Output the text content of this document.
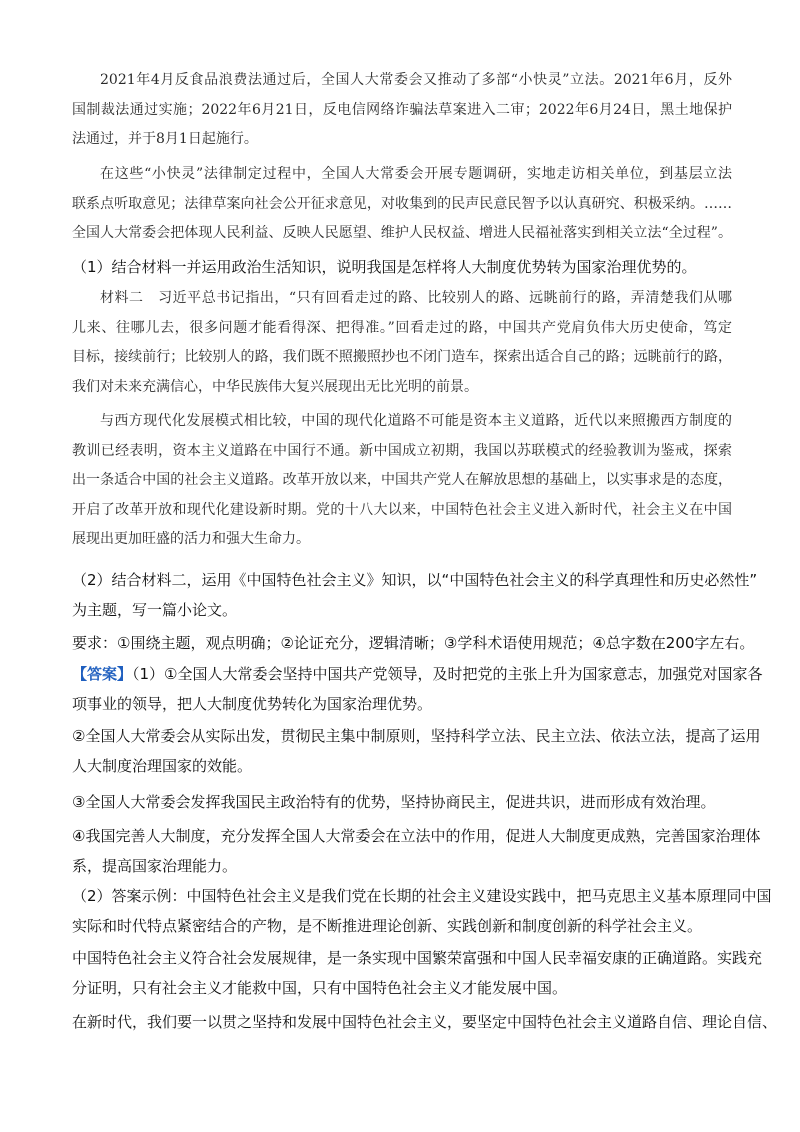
2021年4月反食品浪费法通过后，全国人大常委会又推动了多部“小快灵”立法。2021年6月，反外
国制裁法通过实施；2022年6月21日，反电信网络诈骗法草案进入二审；2022年6月24日，黑土地保护
法通过，并于8月1日起施行。
在这些“小快灵”法律制定过程中，全国人大常委会开展专题调研，实地走访相关单位，到基层立法
联系点听取意见；法律草案向社会公开征求意见，对收集到的民声民意民智予以认真研究、积极采纳。……
全国人大常委会把体现人民利益、反映人民愿望、维护人民权益、增进人民福祉落实到相关立法“全过程”。
（1）结合材料一并运用政治生活知识，说明我国是怎样将人大制度优势转为国家治理优势的。
材料二　习近平总书记指出，“只有回看走过的路、比较别人的路、远眺前行的路，弄清楚我们从哪
儿来、往哪儿去，很多问题才能看得深、把得准。”回看走过的路，中国共产党肩负伟大历史使命，笃定
目标，接续前行；比较别人的路，我们既不照搬照抄也不闭门造车，探索出适合自己的路；远眺前行的路，
我们对未来充满信心，中华民族伟大复兴展现出无比光明的前景。
与西方现代化发展模式相比较，中国的现代化道路不可能是资本主义道路，近代以来照搬西方制度的
教训已经表明，资本主义道路在中国行不通。新中国成立初期，我国以苏联模式的经验教训为鉴戒，探索
出一条适合中国的社会主义道路。改革开放以来，中国共产党人在解放思想的基础上，以实事求是的态度，
开启了改革开放和现代化建设新时期。党的十八大以来，中国特色社会主义进入新时代，社会主义在中国
展现出更加旺盛的活力和强大生命力。
（2）结合材料二，运用《中国特色社会主义》知识，以“中国特色社会主义的科学真理性和历史必然性”
为主题，写一篇小论文。
要求：①围绕主题，观点明确；②论证充分，逻辑清晰；③学科术语使用规范；④总字数在200字左右。
【答案】（1）①全国人大常委会坚持中国共产党领导，及时把党的主张上升为国家意志，加强党对国家各
项事业的领导，把人大制度优势转化为国家治理优势。
②全国人大常委会从实际出发，贯彻民主集中制原则，坚持科学立法、民主立法、依法立法，提高了运用
人大制度治理国家的效能。
③全国人大常委会发挥我国民主政治特有的优势，坚持协商民主，促进共识，进而形成有效治理。
④我国完善人大制度，充分发挥全国人大常委会在立法中的作用，促进人大制度更成熟，完善国家治理体
系，提高国家治理能力。
（2）答案示例：中国特色社会主义是我们党在长期的社会主义建设实践中，把马克思主义基本原理同中国
实际和时代特点紧密结合的产物，是不断推进理论创新、实践创新和制度创新的科学社会主义。
中国特色社会主义符合社会发展规律，是一条实现中国繁荣富强和中国人民幸福安康的正确道路。实践充
分证明，只有社会主义才能救中国，只有中国特色社会主义才能发展中国。
在新时代，我们要一以贯之坚持和发展中国特色社会主义，要坚定中国特色社会主义道路自信、理论自信、
